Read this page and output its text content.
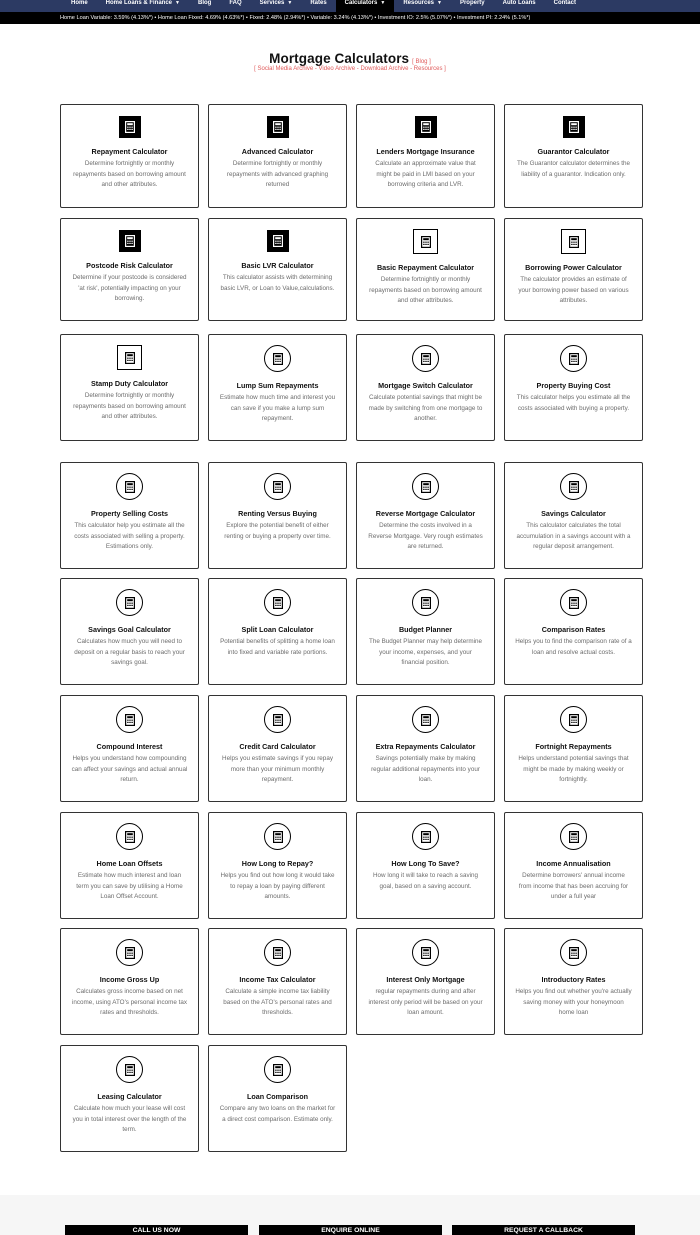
Home	Home Loans & Finance ▼	Blog	FAQ	Services ▼	Rates	Calculators ▼	Resources ▼	Property	Auto Loans	Contact
Home Loan Variable: 3.59% (4.13%*) • Home Loan Fixed: 4.69% (4.63%*) • Fixed: 2.48% (2.94%*) • Variable: 3.24% (4.13%*) • Investment IO: 2.5% (5.07%*) • Investment PI: 2.24% (5.1%*)
Mortgage Calculators [ Blog ]
[ Social Media Archive - Video Archive - Download Archive - Resources ]
Repayment Calculator
Determine fortnightly or monthly repayments based on borrowing amount and other attributes.
Advanced Calculator
Determine fortnightly or monthly repayments with advanced graphing returned
Lenders Mortgage Insurance
Calculate an approximate value that might be paid in LMI based on your borrowing criteria and LVR.
Guarantor Calculator
The Guarantor calculator determines the liability of a guarantor. Indication only.
Postcode Risk Calculator
Determine if your postcode is considered 'at risk', potentially impacting on your borrowing.
Basic LVR Calculator
This calculator assists with determining basic LVR, or Loan to Value,calculations.
Basic Repayment Calculator
Determine fortnightly or monthly repayments based on borrowing amount and other attributes.
Borrowing Power Calculator
The calculator provides an estimate of your borrowing power based on various attributes.
Stamp Duty Calculator
Determine fortnightly or monthly repayments based on borrowing amount and other attributes.
Lump Sum Repayments
Estimate how much time and interest you can save if you make a lump sum repayment.
Mortgage Switch Calculator
Calculate potential savings that might be made by switching from one mortgage to another.
Property Buying Cost
This calculator helps you estimate all the costs associated with buying a property.
Property Selling Costs
This calculator help you estimate all the costs associated with selling a property. Estimations only.
Renting Versus Buying
Explore the potential benefit of either renting or buying a property over time.
Reverse Mortgage Calculator
Determine the costs involved in a Reverse Mortgage. Very rough estimates are returned.
Savings Calculator
This calculator calculates the total accumulation in a savings account with a regular deposit arrangement.
Savings Goal Calculator
Calculates how much you will need to deposit on a regular basis to reach your savings goal.
Split Loan Calculator
Potential benefits of splitting a home loan into fixed and variable rate portions.
Budget Planner
The Budget Planner may help determine your income, expenses, and your financial position.
Comparison Rates
Helps you to find the comparison rate of a loan and resolve actual costs.
Compound Interest
Helps you understand how compounding can affect your savings and actual annual return.
Credit Card Calculator
Helps you estimate savings if you repay more than your minimum monthly repayment.
Extra Repayments Calculator
Savings potentially make by making regular additional repayments into your loan.
Fortnight Repayments
Helps understand potential savings that might be made by making weekly or fortnightly.
Home Loan Offsets
Estimate how much interest and loan term you can save by utilising a Home Loan Offset Account.
How Long to Repay?
Helps you find out how long it would take to repay a loan by paying different amounts.
How Long To Save?
How long it will take to reach a saving goal, based on a saving account.
Income Annualisation
Determine borrowers' annual income from income that has been accruing for under a full year
Income Gross Up
Calculates gross income based on net income, using ATO's personal income tax rates and thresholds.
Income Tax Calculator
Calculate a simple income tax liability based on the ATO's personal rates and thresholds.
Interest Only Mortgage
regular repayments during and after interest only period will be based on your loan amount.
Introductory Rates
Helps you find out whether you're actually saving money with your honeymoon home loan
Leasing Calculator
Calculate how much your lease will cost you in total interest over the length of the term.
Loan Comparison
Compare any two loans on the market for a direct cost comparison. Estimate only.
CALL US NOW	ENQUIRE ONLINE	REQUEST A CALLBACK
